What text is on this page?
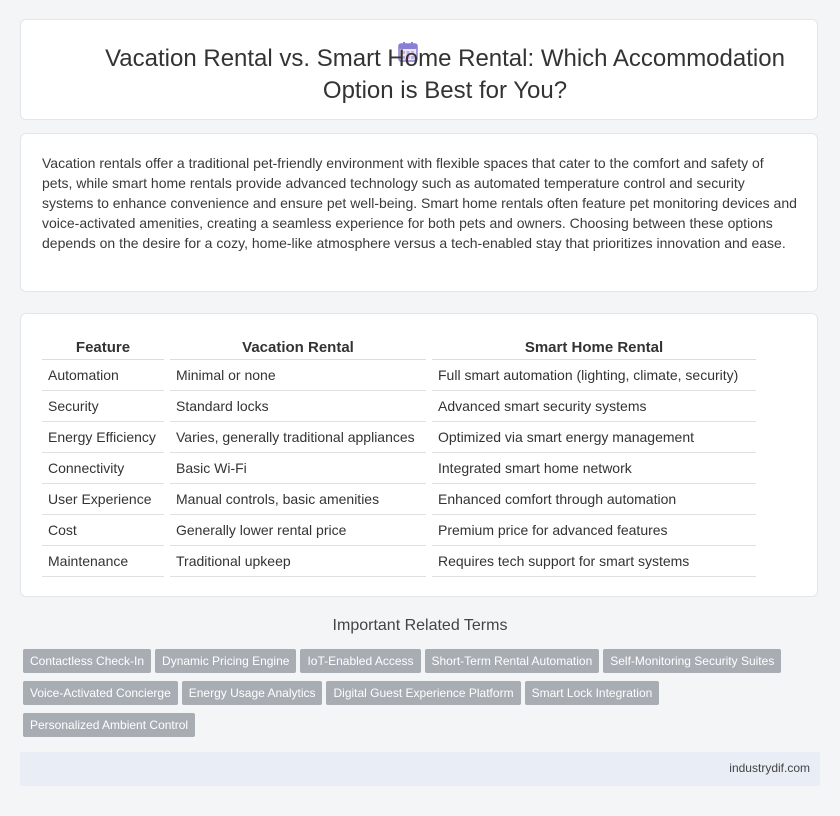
Vacation Rental vs. Smart Home Rental: Which Accommodation Option is Best for You?

Vacation rentals offer a traditional pet-friendly environment with flexible spaces that cater to the comfort and safety of pets, while smart home rentals provide advanced technology such as automated temperature control and security systems to enhance convenience and ensure pet well-being. Smart home rentals often feature pet monitoring devices and voice-activated amenities, creating a seamless experience for both pets and owners. Choosing between these options depends on the desire for a cozy, home-like atmosphere versus a tech-enabled stay that prioritizes innovation and ease.

Feature	Vacation Rental	Smart Home Rental
Automation	Minimal or none	Full smart automation (lighting, climate, security)
Security	Standard locks	Advanced smart security systems
Energy Efficiency	Varies, generally traditional appliances	Optimized via smart energy management
Connectivity	Basic Wi-Fi	Integrated smart home network
User Experience	Manual controls, basic amenities	Enhanced comfort through automation
Cost	Generally lower rental price	Premium price for advanced features
Maintenance	Traditional upkeep	Requires tech support for smart systems
Important Related Terms
Contactless Check-In Dynamic Pricing Engine IoT-Enabled Access Short-Term Rental Automation Self-Monitoring Security SuitesVoice-Activated Concierge Energy Usage Analytics Digital Guest Experience Platform Smart Lock IntegrationPersonalized Ambient Control
industrydif.com
